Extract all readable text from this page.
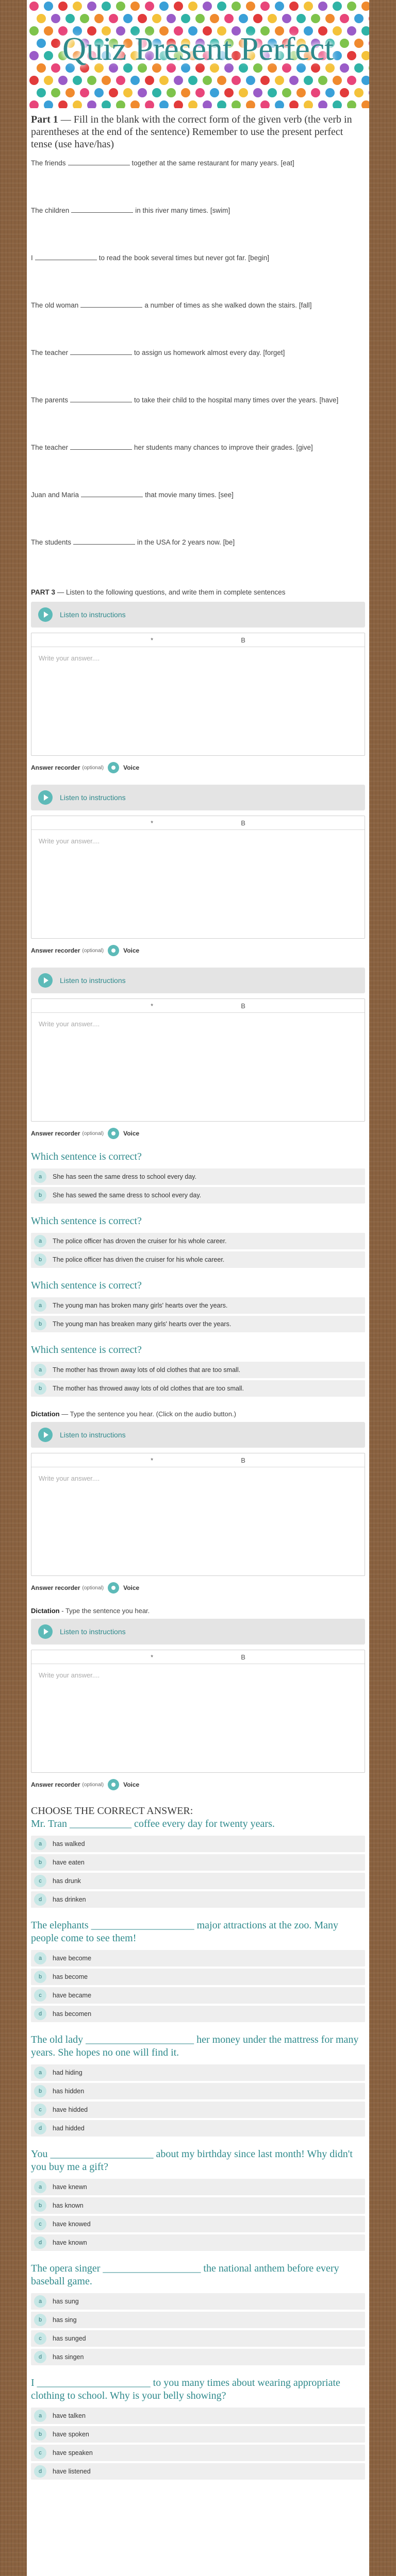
Quiz Present Perfect

Part 1 — Fill in the blank with the correct form of the given verb (the verb in parentheses at the end of the sentence) Remember to use the present perfect tense (use have/has)

The friends	together at the same restaurant for many years. [eat]
The children	in this river many times. [swim]
I	to read the book several times but never got far. [begin]
The old woman	a number of times as she walked down the stairs. [fall]
The teacher	to assign us homework almost every day. [forget]
The parents	to take their child to the hospital many times over the years. [have]
The teacher	her students many chances to improve their grades. [give]
Juan and Maria	that movie many times. [see]
The students	in the USA for 2 years now. [be]
PART 3 — Listen to the following questions, and write them in complete sentences
Listen to instructions
*	B
Write your answer....
Answer recorder (optional)	Voice
Listen to instructions
*	B
Write your answer....
Answer recorder (optional)	Voice
Listen to instructions
*	B
Write your answer....
Answer recorder (optional)	Voice
Which sentence is correct?
a	She has seen the same dress to school every day.
b	She has sewed the same dress to school every day.
Which sentence is correct?
a	The police officer has droven the cruiser for his whole career.
b	The police officer has driven the cruiser for his whole career.
Which sentence is correct?
a	The young man has broken many girls' hearts over the years.
b	The young man has breaken many girls' hearts over the years.
Which sentence is correct?
a	The mother has thrown away lots of old clothes that are too small.
b	The mother has throwed away lots of old clothes that are too small.
Dictation — Type the sentence you hear. (Click on the audio button.)
Listen to instructions
*	B
Write your answer....
Answer recorder (optional)	Voice
Dictation - Type the sentence you hear.
Listen to instructions
*	B
Write your answer....
Answer recorder (optional)	Voice
CHOOSE THE CORRECT ANSWER:
Mr. Tran ____________ coffee every day for twenty years.
a	has walked
b	have eaten
c	has drunk
d	has drinken
The elephants ____________________ major attractions at the zoo. Many people come to see them!
a	have become
b	has become
c	have became
d	has becomen
The old lady _____________________ her money under the mattress for many years. She hopes no one will find it.
a	had hiding
b	has hidden
c	have hidded
d	had hidded
You ____________________ about my birthday since last month! Why didn't you buy me a gift?
a	have knewn
b	has known
c	have knowed
d	have known
The opera singer ___________________ the national anthem before every baseball game.
a	has sung
b	has sing
c	has sunged
d	has singen
I ______________________ to you many times about wearing appropriate clothing to school. Why is your belly showing?
a	have talken
b	have spoken
c	have speaken
d	have listened
